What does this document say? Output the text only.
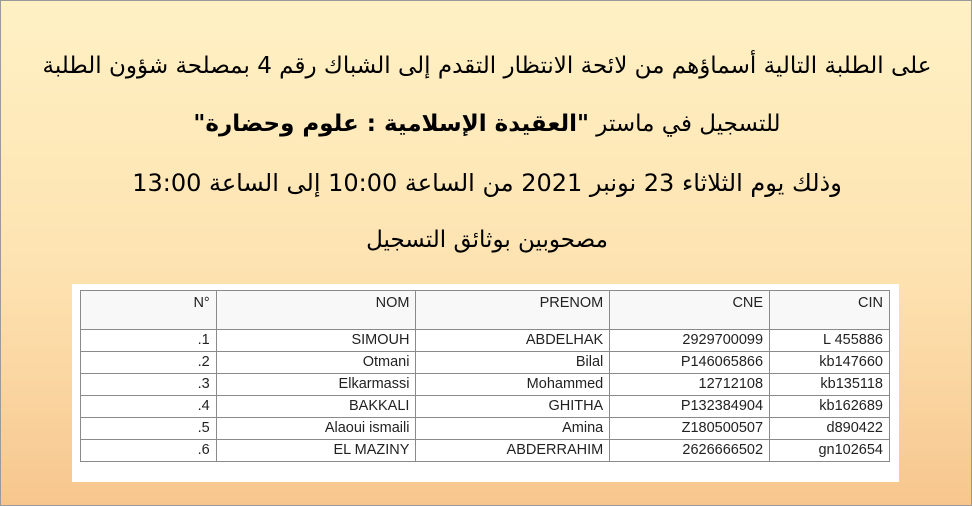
على الطلبة التالية أسماؤهم من لائحة الانتظار التقدم إلى الشباك رقم 4 بمصلحة شؤون الطلبة
للتسجيل في ماستر "العقيدة الإسلامية : علوم وحضارة"
وذلك يوم الثلاثاء 23 نونبر 2021 من الساعة 10:00 إلى الساعة 13:00
مصحوبين بوثائق التسجيل
N°	NOM	PRENOM	CNE	CIN
.1	SIMOUH	ABDELHAK	2929700099	L 455886
.2	Otmani	Bilal	P146065866	kb147660
.3	Elkarmassi	Mohammed	12712108	kb135118
.4	BAKKALI	GHITHA	P132384904	kb162689
.5	Alaoui ismaili	Amina	Z180500507	d890422
.6	EL MAZINY	ABDERRAHIM	2626666502	gn102654
